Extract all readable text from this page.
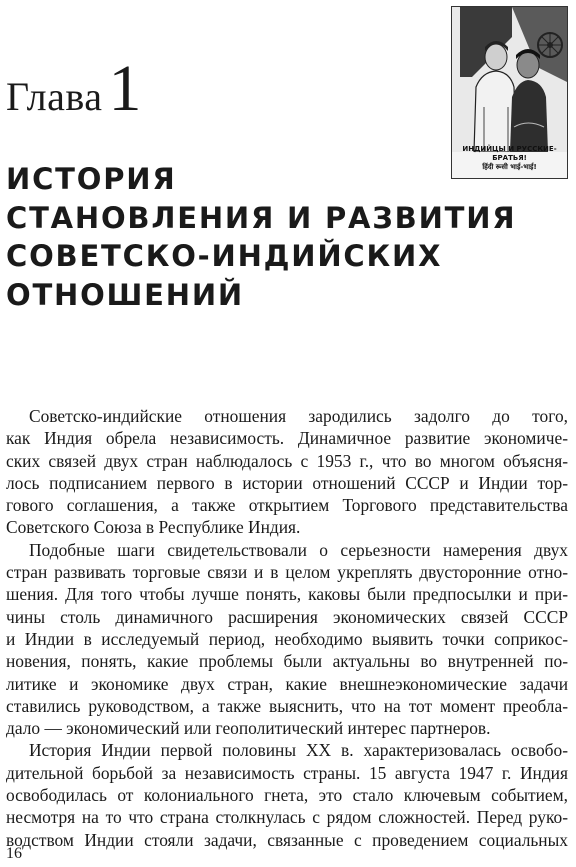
Глава 1
ИНДИЙЦЫ И РУССКИЕ-БРАТЬЯ!
हिंदी रूसी भाई-भाई!
ИСТОРИЯ
СТАНОВЛЕНИЯ И РАЗВИТИЯ
СОВЕТСКО-ИНДИЙСКИХ
ОТНОШЕНИЙ
Советско-индийские отношения зародились задолго до того,
как Индия обрела независимость. Динамичное развитие экономиче-
ских связей двух стран наблюдалось с 1953 г., что во многом объясня-
лось подписанием первого в истории отношений СССР и Индии тор-
гового соглашения, а также открытием Торгового представительства
Советского Союза в Республике Индия.
Подобные шаги свидетельствовали о серьезности намерения двух
стран развивать торговые связи и в целом укреплять двусторонние отно-
шения. Для того чтобы лучше понять, каковы были предпосылки и при-
чины столь динамичного расширения экономических связей СССР
и Индии в исследуемый период, необходимо выявить точки соприкос-
новения, понять, какие проблемы были актуальны во внутренней по-
литике и экономике двух стран, какие внешнеэкономические задачи
ставились руководством, а также выяснить, что на тот момент преобла-
дало — экономический или геополитический интерес партнеров.
История Индии первой половины XX в. характеризовалась освобо-
дительной борьбой за независимость страны. 15 августа 1947 г. Индия
освободилась от колониального гнета, это стало ключевым событием,
несмотря на то что страна столкнулась с рядом сложностей. Перед руко-
водством Индии стояли задачи, связанные с проведением социальных
16
